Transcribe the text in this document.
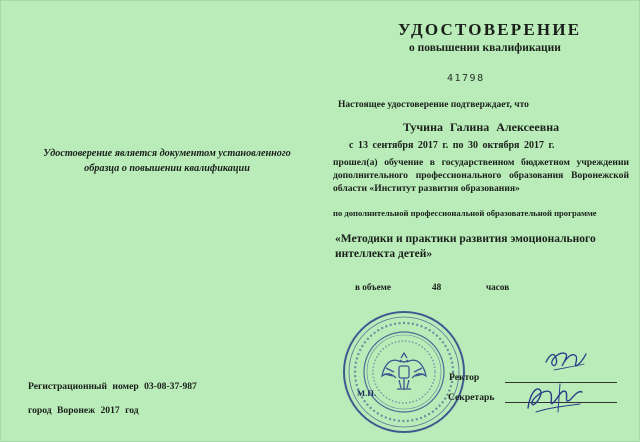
УДОСТОВЕРЕНИЕ
о повышении квалификации
41798
Настоящее удостоверение подтверждает, что
Тучина Галина Алексеевна
с 13 сентября 2017 г. по 30 октября 2017 г.
прошел(а) обучение в государственном бюджетном учреждении дополнительного профессионального образования Воронежской области «Институт развития образования»
по дополнительной профессиональной образовательной программе
«Методики и практики развития эмоционального интеллекта детей»
в объеме	48	часов
Удостоверение является документом установленного образца о повышении квалификации
Регистрационный номер 03-08-37-987
город Воронеж 2017 год
М.П.
Ректор
Секретарь
